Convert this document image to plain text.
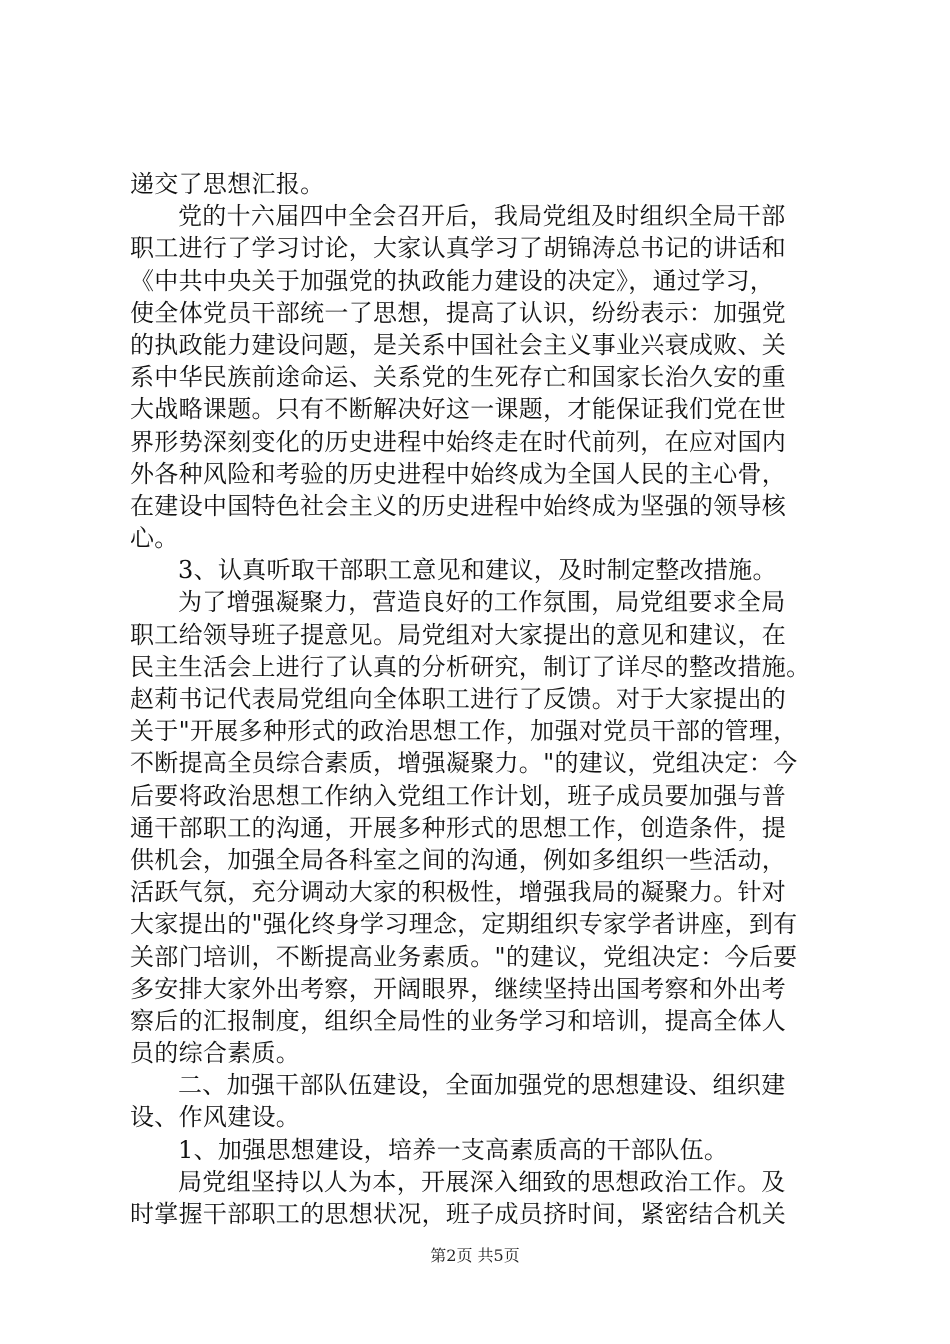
递交了思想汇报。
党的十六届四中全会召开后，我局党组及时组织全局干部
职工进行了学习讨论，大家认真学习了胡锦涛总书记的讲话和
《中共中央关于加强党的执政能力建设的决定》，通过学习，
使全体党员干部统一了思想，提高了认识，纷纷表示：加强党
的执政能力建设问题，是关系中国社会主义事业兴衰成败、关
系中华民族前途命运、关系党的生死存亡和国家长治久安的重
大战略课题。只有不断解决好这一课题，才能保证我们党在世
界形势深刻变化的历史进程中始终走在时代前列，在应对国内
外各种风险和考验的历史进程中始终成为全国人民的主心骨，
在建设中国特色社会主义的历史进程中始终成为坚强的领导核
心。
3、认真听取干部职工意见和建议，及时制定整改措施。
为了增强凝聚力，营造良好的工作氛围，局党组要求全局
职工给领导班子提意见。局党组对大家提出的意见和建议，在
民主生活会上进行了认真的分析研究，制订了详尽的整改措施。
赵莉书记代表局党组向全体职工进行了反馈。对于大家提出的
关于"开展多种形式的政治思想工作，加强对党员干部的管理，
不断提高全员综合素质，增强凝聚力。"的建议，党组决定：今
后要将政治思想工作纳入党组工作计划，班子成员要加强与普
通干部职工的沟通，开展多种形式的思想工作，创造条件，提
供机会，加强全局各科室之间的沟通，例如多组织一些活动，
活跃气氛，充分调动大家的积极性，增强我局的凝聚力。针对
大家提出的"强化终身学习理念，定期组织专家学者讲座，到有
关部门培训，不断提高业务素质。"的建议，党组决定：今后要
多安排大家外出考察，开阔眼界，继续坚持出国考察和外出考
察后的汇报制度，组织全局性的业务学习和培训，提高全体人
员的综合素质。
二、加强干部队伍建设，全面加强党的思想建设、组织建
设、作风建设。
1、加强思想建设，培养一支高素质高的干部队伍。
局党组坚持以人为本，开展深入细致的思想政治工作。及
时掌握干部职工的思想状况，班子成员挤时间，紧密结合机关
第2页 共5页
